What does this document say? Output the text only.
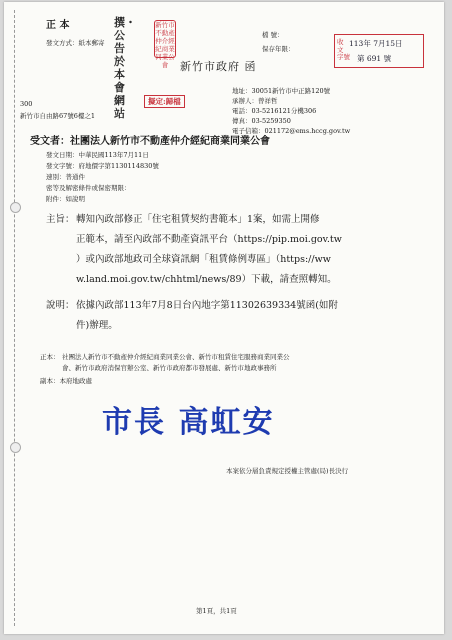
正 本
發文方式：紙本郵寄
撰・公告於本會網站
新竹市不動產仲介經紀商業同業公會	新竹市政府 函
檔 號：
保存年限：
收文
113年 7月15日
字號 第 691 號
擬定:歸檔
300
新竹市自由路67號6樓之1
地址：30051新竹市中正路120號
承辦人：曾祥哲
電話：03-5216121分機306
傳真：03-5259350
電子信箱：021172@ems.hccg.gov.tw
受文者：社團法人新竹市不動產仲介經紀商業同業公會
發文日期：中華民國113年7月11日
發文字號：府地價字第1130114830號
速別：普通件
密等及解密條件或保密期限：
附件：如說明
主旨： 轉知內政部修正「住宅租賃契約書範本」1案，如需上開修
正範本，請至內政部不動產資訊平台（https://pip.moi.gov.tw
）或內政部地政司全球資訊網「租賃條例專區」（https://ww
w.land.moi.gov.tw/chhtml/news/89）下載，請查照轉知。
說明： 依據內政部113年7月8日台內地字第11302639334號函(如附
件)辦理。
正本： 社團法人新竹市不動產仲介經紀商業同業公會、新竹市租賃住宅服務商業同業公
會、新竹市政府消保官辦公室、新竹市政府都市發展處、新竹市地政事務所
副本：本府地政處
市長 高虹安
本案依分層負責規定授權主管處(局)長決行
第1頁，共1頁
